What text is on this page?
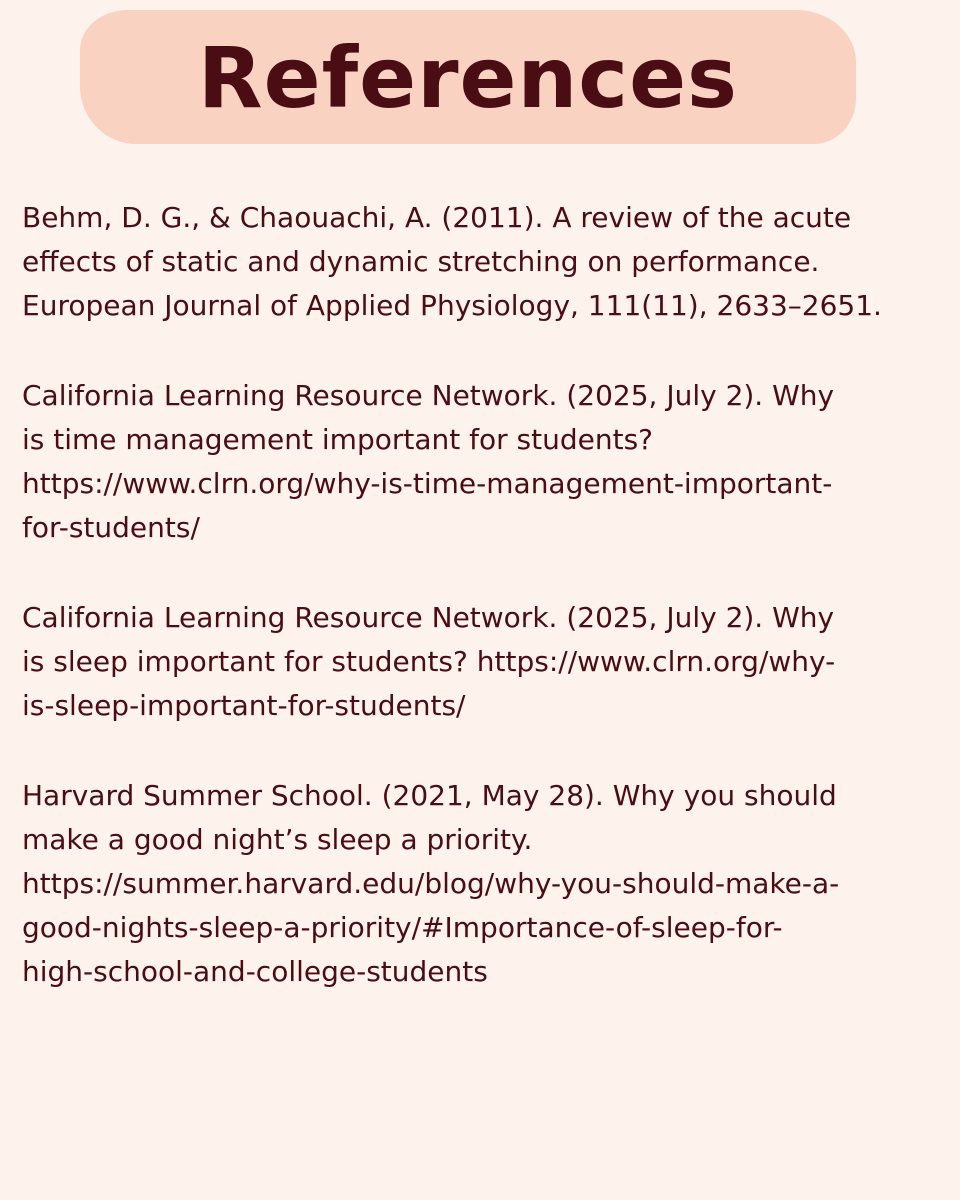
References

Behm, D. G., & Chaouachi, A. (2011). A review of the acute
effects of static and dynamic stretching on performance.
European Journal of Applied Physiology, 111(11), 2633–2651.

California Learning Resource Network. (2025, July 2). Why
is time management important for students?
https://www.clrn.org/why-is-time-management-important-
for-students/

California Learning Resource Network. (2025, July 2). Why
is sleep important for students? https://www.clrn.org/why-
is-sleep-important-for-students/

Harvard Summer School. (2021, May 28). Why you should
make a good night’s sleep a priority.
https://summer.harvard.edu/blog/why-you-should-make-a-
good-nights-sleep-a-priority/#Importance-of-sleep-for-
high-school-and-college-students
